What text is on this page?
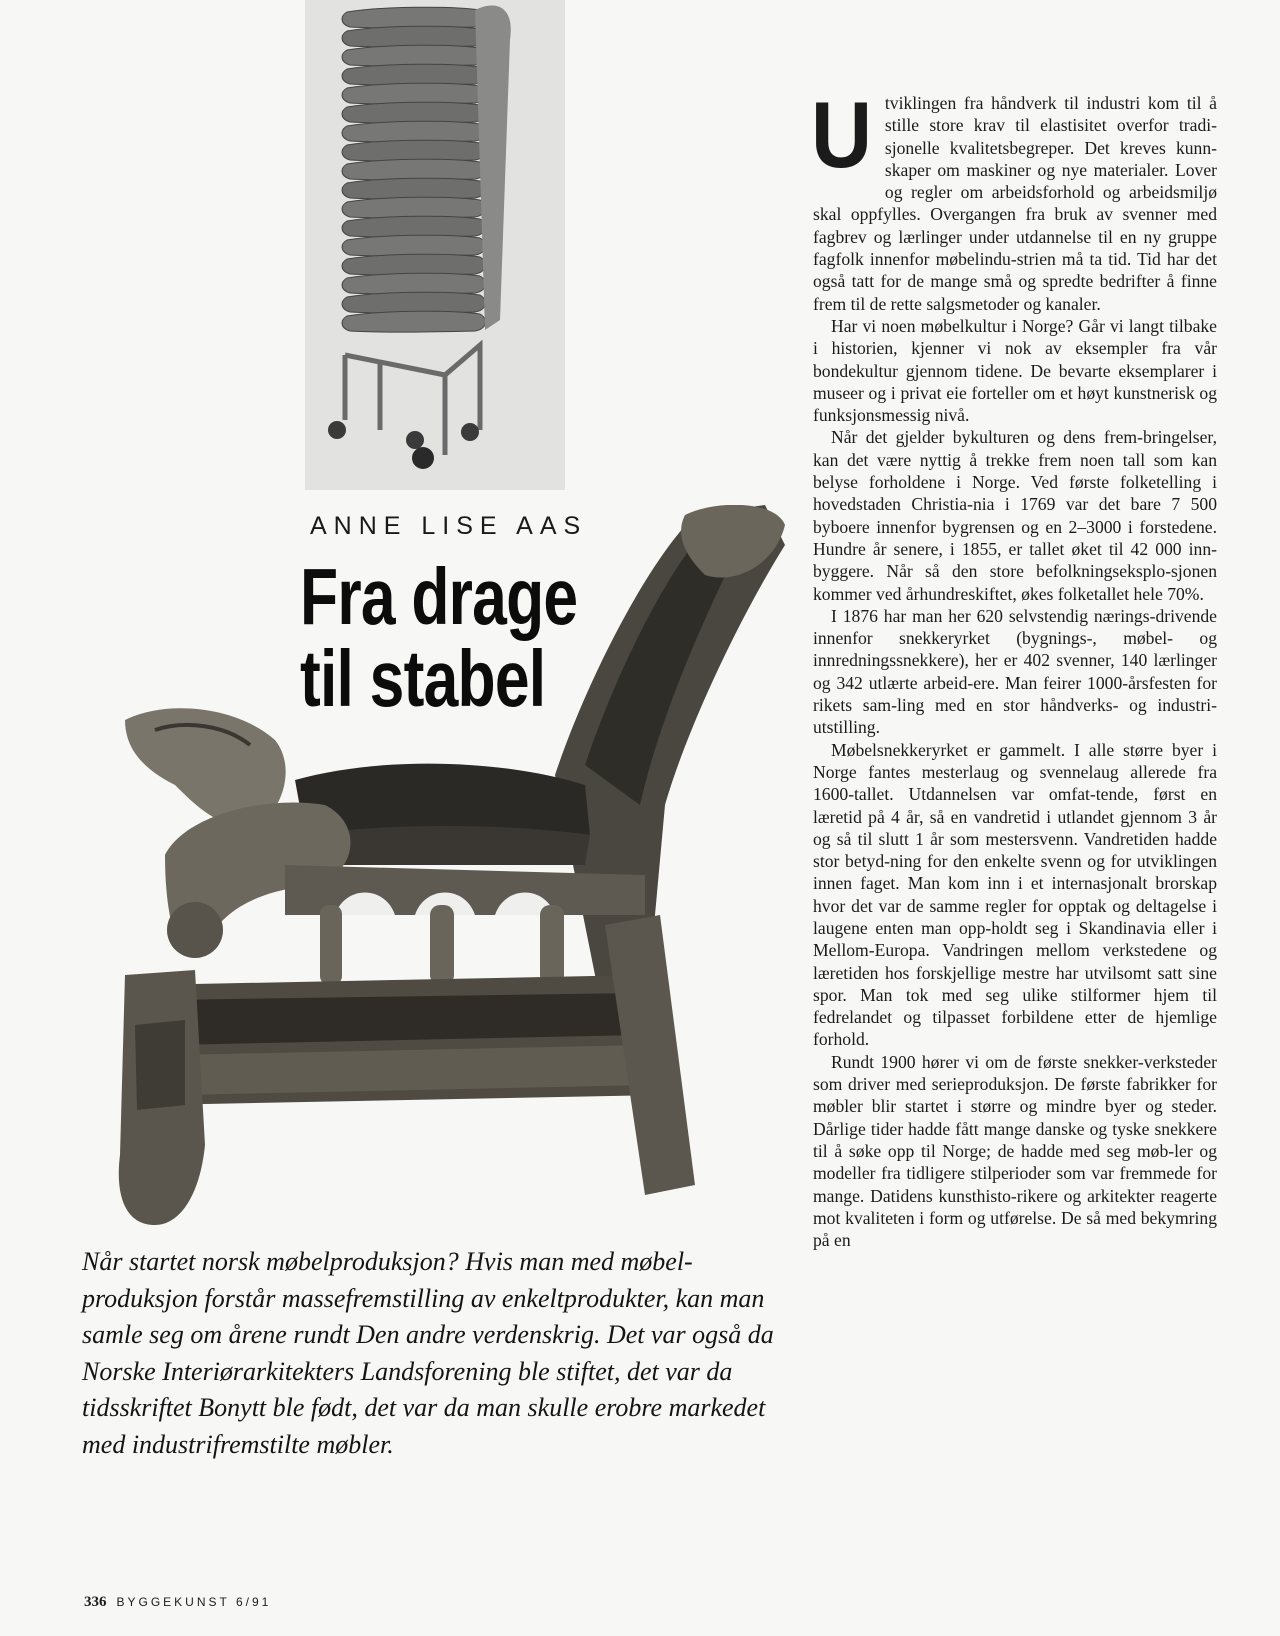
ANNE LISE AAS
Fra drage
til stabel

Når startet norsk møbelproduksjon? Hvis man med møbel-produksjon forstår massefremstilling av enkeltprodukter, kan man samle seg om årene rundt Den andre verdenskrig. Det var også da Norske Interiørarkitekters Landsforening ble stiftet, det var da tidsskriftet Bonytt ble født, det var da man skulle erobre markedet med industrifremstilte møbler.

Utviklingen fra håndverk til industri kom til å stille store krav til elastisitet overfor tradi-sjonelle kvalitetsbegreper. Det kreves kunn-skaper om maskiner og nye materialer. Lover og regler om arbeidsforhold og arbeidsmiljø skal oppfylles. Overgangen fra bruk av svenner med fagbrev og lærlinger under utdannelse til en ny gruppe fagfolk innenfor møbelindu-strien må ta tid. Tid har det også tatt for de mange små og spredte bedrifter å finne frem til de rette salgsmetoder og kanaler.

Har vi noen møbelkultur i Norge? Går vi langt tilbake i historien, kjenner vi nok av eksempler fra vår bondekultur gjennom tidene. De bevarte eksemplarer i museer og i privat eie forteller om et høyt kunstnerisk og funksjonsmessig nivå.

Når det gjelder bykulturen og dens frem-bringelser, kan det være nyttig å trekke frem noen tall som kan belyse forholdene i Norge. Ved første folketelling i hovedstaden Christia-nia i 1769 var det bare 7 500 byboere innenfor bygrensen og en 2–3000 i forstedene. Hundre år senere, i 1855, er tallet øket til 42 000 inn-byggere. Når så den store befolkningseksplo-sjonen kommer ved århundreskiftet, økes folketallet hele 70%.

I 1876 har man her 620 selvstendig nærings-drivende innenfor snekkeryrket (bygnings-, møbel- og innredningssnekkere), her er 402 svenner, 140 lærlinger og 342 utlærte arbeid-ere. Man feirer 1000-årsfesten for rikets sam-ling med en stor håndverks- og industri-utstilling.

Møbelsnekkeryrket er gammelt. I alle større byer i Norge fantes mesterlaug og svennelaug allerede fra 1600-tallet. Utdannelsen var omfat-tende, først en læretid på 4 år, så en vandretid i utlandet gjennom 3 år og så til slutt 1 år som mestersvenn. Vandretiden hadde stor betyd-ning for den enkelte svenn og for utviklingen innen faget. Man kom inn i et internasjonalt brorskap hvor det var de samme regler for opptak og deltagelse i laugene enten man opp-holdt seg i Skandinavia eller i Mellom-Europa. Vandringen mellom verkstedene og læretiden hos forskjellige mestre har utvilsomt satt sine spor. Man tok med seg ulike stilformer hjem til fedrelandet og tilpasset forbildene etter de hjemlige forhold.

Rundt 1900 hører vi om de første snekker-verksteder som driver med serieproduksjon. De første fabrikker for møbler blir startet i større og mindre byer og steder. Dårlige tider hadde fått mange danske og tyske snekkere til å søke opp til Norge; de hadde med seg møb-ler og modeller fra tidligere stilperioder som var fremmede for mange. Datidens kunsthisto-rikere og arkitekter reagerte mot kvaliteten i form og utførelse. De så med bekymring på en

336 BYGGEKUNST 6/91
